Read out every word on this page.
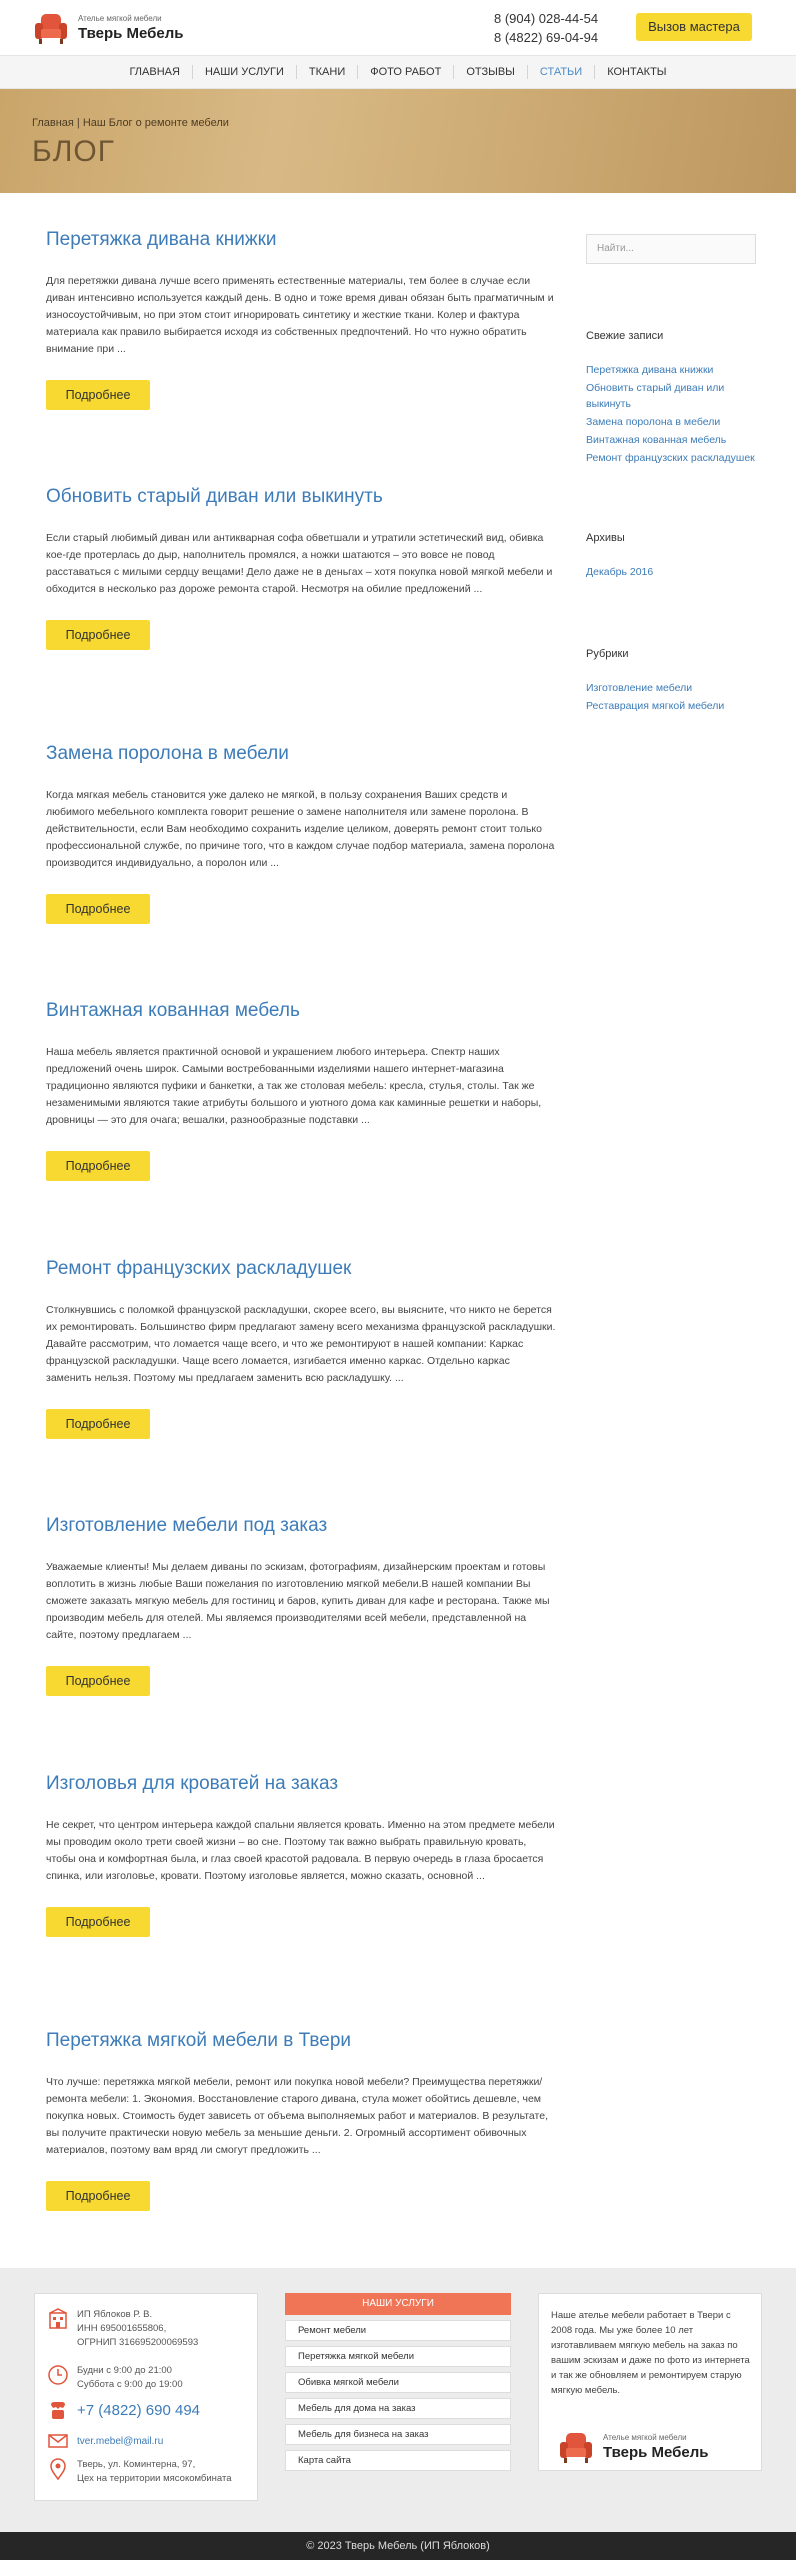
Ателье мягкой мебели
Тверь Мебель
8 (904) 028-44-54
8 (4822) 69-04-94
Вызов мастера
ГЛАВНАЯ	НАШИ УСЛУГИ	ТКАНИ	ФОТО РАБОТ	ОТЗЫВЫ	СТАТЬИ	КОНТАКТЫ
Главная | Наш Блог о ремонте мебели
БЛОГ
Перетяжка дивана книжки
Для перетяжки дивана лучше всего применять естественные материалы, тем более в случае если диван интенсивно используется каждый день. В одно и тоже время диван обязан быть прагматичным и износоустойчивым, но при этом стоит игнорировать синтетику и жесткие ткани. Колер и фактура материала как правило выбирается исходя из собственных предпочтений. Но что нужно обратить внимание при ...
Подробнее
Обновить старый диван или выкинуть
Если старый любимый диван или антикварная софа обветшали и утратили эстетический вид, обивка кое-где протерлась до дыр, наполнитель промялся, а ножки шатаются – это вовсе не повод расставаться с милыми сердцу вещами! Дело даже не в деньгах – хотя покупка новой мягкой мебели и обходится в несколько раз дороже ремонта старой. Несмотря на обилие предложений ...
Подробнее
Замена поролона в мебели
Когда мягкая мебель становится уже далеко не мягкой, в пользу сохранения Ваших средств и любимого мебельного комплекта говорит решение о замене наполнителя или замене поролона. В действительности, если Вам необходимо сохранить изделие целиком, доверять ремонт стоит только профессиональной службе, по причине того, что в каждом случае подбор материала, замена поролона производится индивидуально, а поролон или ...
Подробнее
Винтажная кованная мебель
Наша мебель является практичной основой и украшением любого интерьера. Спектр наших предложений очень широк. Самыми востребованными изделиями нашего интернет-магазина традиционно являются пуфики и банкетки, а так же столовая мебель: кресла, стулья, столы. Так же незаменимыми являются такие атрибуты большого и уютного дома как каминные решетки и наборы, дровницы — это для очага; вешалки, разнообразные подставки ...
Подробнее
Ремонт французских раскладушек
Столкнувшись с поломкой французской раскладушки, скорее всего, вы выясните, что никто не берется их ремонтировать. Большинство фирм предлагают замену всего механизма французской раскладушки. Давайте рассмотрим, что ломается чаще всего, и что же ремонтируют в нашей компании: Каркас французской раскладушки. Чаще всего ломается, изгибается именно каркас. Отдельно каркас заменить нельзя. Поэтому мы предлагаем заменить всю раскладушку. ...
Подробнее
Изготовление мебели под заказ
Уважаемые клиенты! Мы делаем диваны по эскизам, фотографиям, дизайнерским проектам и готовы воплотить в жизнь любые Ваши пожелания по изготовлению мягкой мебели.В нашей компании Вы сможете заказать мягкую мебель для гостиниц и баров, купить диван для кафе и ресторана. Также мы производим мебель для отелей. Мы являемся производителями всей мебели, представленной на сайте, поэтому предлагаем ...
Подробнее
Изголовья для кроватей на заказ
Не секрет, что центром интерьера каждой спальни является кровать. Именно на этом предмете мебели мы проводим около трети своей жизни – во сне. Поэтому так важно выбрать правильную кровать, чтобы она и комфортная была, и глаз своей красотой радовала. В первую очередь в глаза бросается спинка, или изголовье, кровати. Поэтому изголовье является, можно сказать, основной ...
Подробнее
Перетяжка мягкой мебели в Твери
Что лучше: перетяжка мягкой мебели, ремонт или покупка новой мебели? Преимущества перетяжки/ремонта мебели: 1. Экономия. Восстановление старого дивана, стула может обойтись дешевле, чем покупка новых. Стоимость будет зависеть от объема выполняемых работ и материалов. В результате, вы получите практически новую мебель за меньшие деньги. 2. Огромный ассортимент обивочных материалов, поэтому вам вряд ли смогут предложить ...
Подробнее
Найти...
Свежие записи
Перетяжка дивана книжки
Обновить старый диван или выкинуть
Замена поролона в мебели
Винтажная кованная мебель
Ремонт французских раскладушек
Архивы
Декабрь 2016
Рубрики
Изготовление мебели
Реставрация мягкой мебели
ИП Яблоков Р. В.
ИНН 695001655806,
ОГРНИП 316695200069593
Будни с 9:00 до 21:00
Суббота с 9:00 до 19:00
+7 (4822) 690 494
tver.mebel@mail.ru
Тверь, ул. Коминтерна, 97,
Цех на территории мясокомбината
НАШИ УСЛУГИ
Ремонт мебели
Перетяжка мягкой мебели
Обивка мягкой мебели
Мебель для дома на заказ
Мебель для бизнеса на заказ
Карта сайта
Наше ателье мебели работает в Твери с 2008 года. Мы уже более 10 лет изготавливаем мягкую мебель на заказ по вашим эскизам и даже по фото из интернета и так же обновляем и ремонтируем старую мягкую мебель.
Ателье мягкой мебели
Тверь Мебель
© 2023 Тверь Мебель (ИП Яблоков)
